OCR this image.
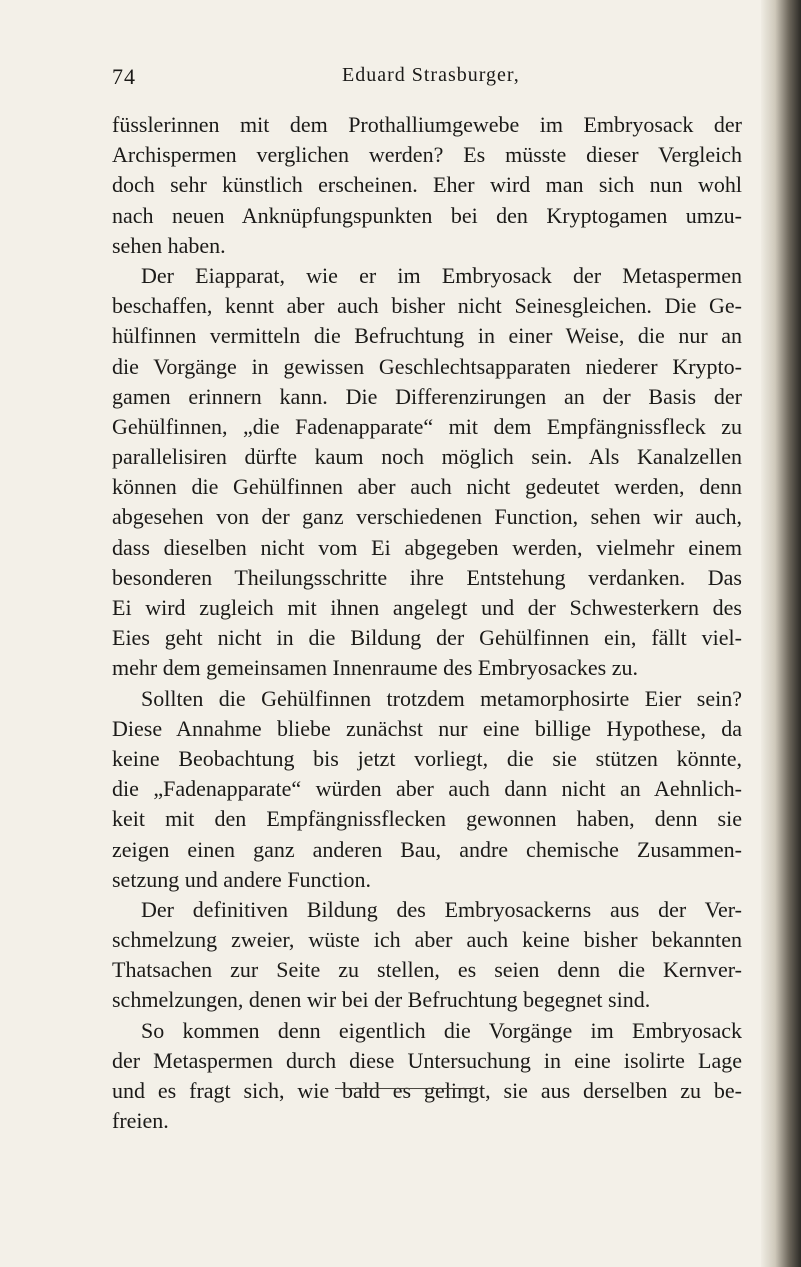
74	Eduard Strasburger,
füsslerinnen mit dem Prothalliumgewebe im Embryosack der
Archispermen verglichen werden? Es müsste dieser Vergleich
doch sehr künstlich erscheinen. Eher wird man sich nun wohl
nach neuen Anknüpfungspunkten bei den Kryptogamen umzu-
sehen haben.
Der Eiapparat, wie er im Embryosack der Metaspermen
beschaffen, kennt aber auch bisher nicht Seinesgleichen. Die Ge-
hülfinnen vermitteln die Befruchtung in einer Weise, die nur an
die Vorgänge in gewissen Geschlechtsapparaten niederer Krypto-
gamen erinnern kann. Die Differenzirungen an der Basis der
Gehülfinnen, „die Fadenapparate“ mit dem Empfängnissfleck zu
parallelisiren dürfte kaum noch möglich sein. Als Kanalzellen
können die Gehülfinnen aber auch nicht gedeutet werden, denn
abgesehen von der ganz verschiedenen Function, sehen wir auch,
dass dieselben nicht vom Ei abgegeben werden, vielmehr einem
besonderen Theilungsschritte ihre Entstehung verdanken. Das
Ei wird zugleich mit ihnen angelegt und der Schwesterkern des
Eies geht nicht in die Bildung der Gehülfinnen ein, fällt viel-
mehr dem gemeinsamen Innenraume des Embryosackes zu.
Sollten die Gehülfinnen trotzdem metamorphosirte Eier sein?
Diese Annahme bliebe zunächst nur eine billige Hypothese, da
keine Beobachtung bis jetzt vorliegt, die sie stützen könnte,
die „Fadenapparate“ würden aber auch dann nicht an Aehnlich-
keit mit den Empfängnissflecken gewonnen haben, denn sie
zeigen einen ganz anderen Bau, andre chemische Zusammen-
setzung und andere Function.
Der definitiven Bildung des Embryosackerns aus der Ver-
schmelzung zweier, wüste ich aber auch keine bisher bekannten
Thatsachen zur Seite zu stellen, es seien denn die Kernver-
schmelzungen, denen wir bei der Befruchtung begegnet sind.
So kommen denn eigentlich die Vorgänge im Embryosack
der Metaspermen durch diese Untersuchung in eine isolirte Lage
und es fragt sich, wie bald es gelingt, sie aus derselben zu be-
freien.
